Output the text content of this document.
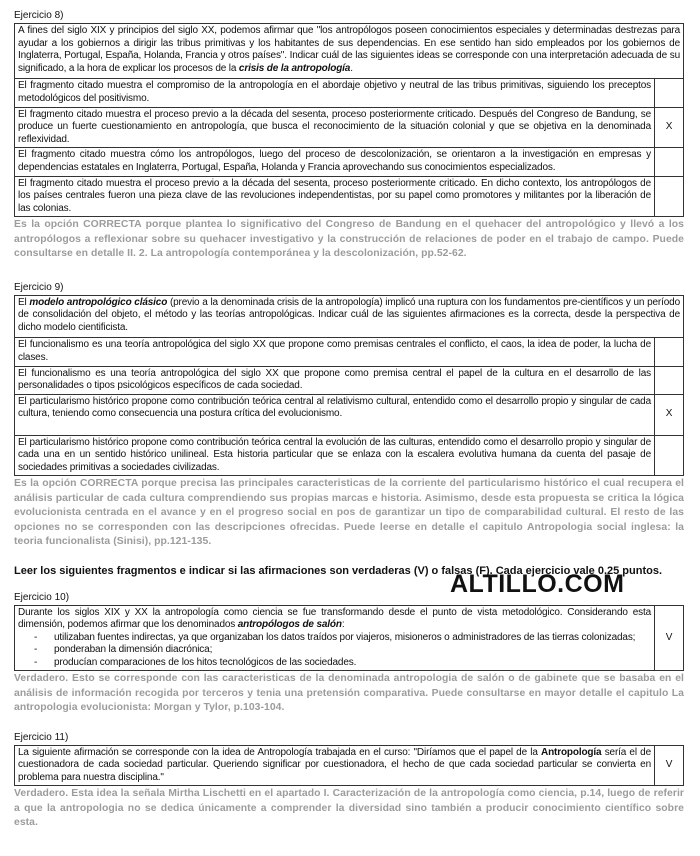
Ejercicio 8)
A fines del siglo XIX y principios del siglo XX, podemos afirmar que "los antropólogos poseen conocimientos especiales y determinadas destrezas para ayudar a los gobiernos a dirigir las tribus primitivas y los habitantes de sus dependencias. En ese sentido han sido empleados por los gobiernos de Inglaterra, Portugal, España, Holanda, Francia y otros países". Indicar cuál de las siguientes ideas se corresponde con una interpretación adecuada de su significado, a la hora de explicar los procesos de la crisis de la antropología.	
El fragmento citado muestra el compromiso de la antropología en el abordaje objetivo y neutral de las tribus primitivas, siguiendo los preceptos metodológicos del positivismo.	
El fragmento citado muestra el proceso previo a la década del sesenta, proceso posteriormente criticado. Después del Congreso de Bandung, se produce un fuerte cuestionamiento en antropología, que busca el reconocimiento de la situación colonial y que se objetiva en la denominada reflexividad.	X
El fragmento citado muestra cómo los antropólogos, luego del proceso de descolonización, se orientaron a la investigación en empresas y dependencias estatales en Inglaterra, Portugal, España, Holanda y Francia aprovechando sus conocimientos especializados.	
El fragmento citado muestra el proceso previo a la década del sesenta, proceso posteriormente criticado. En dicho contexto, los antropólogos de los países centrales fueron una pieza clave de las revoluciones independentistas, por su papel como promotores y militantes por la liberación de las colonias.	

Es la opción CORRECTA porque plantea lo significativo del Congreso de Bandung en el quehacer del antropológico y llevó a los antropólogos a reflexionar sobre su quehacer investigativo y la construcción de relaciones de poder en el trabajo de campo. Puede consultarse en detalle II. 2. La antropología contemporánea y la descolonización, pp.52-62.

Ejercicio 9)
El modelo antropológico clásico (previo a la denominada crisis de la antropología) implicó una ruptura con los fundamentos pre-científicos y un período de consolidación del objeto, el método y las teorías antropológicas. Indicar cuál de las siguientes afirmaciones es la correcta, desde la perspectiva de dicho modelo cientificista.	
El funcionalismo es una teoría antropológica del siglo XX que propone como premisas centrales el conflicto, el caos, la idea de poder, la lucha de clases.	
El funcionalismo es una teoría antropológica del siglo XX que propone como premisa central el papel de la cultura en el desarrollo de las personalidades o tipos psicológicos específicos de cada sociedad.	
El particularismo histórico propone como contribución teórica central al relativismo cultural, entendido como el desarrollo propio y singular de cada cultura, teniendo como consecuencia una postura crítica del evolucionismo.	X
El particularismo histórico propone como contribución teórica central la evolución de las culturas, entendido como el desarrollo propio y singular de cada una en un sentido histórico unilineal. Esta historia particular que se enlaza con la escalera evolutiva humana da cuenta del pasaje de sociedades primitivas a sociedades civilizadas.	

Es la opción CORRECTA porque precisa las principales caracteristicas de la corriente del particularismo histórico el cual recupera el análisis particular de cada cultura comprendiendo sus propias marcas e historia. Asimismo, desde esta propuesta se critica la lógica evolucionista centrada en el avance y en el progreso social en pos de garantizar un tipo de comparabilidad cultural. El resto de las opciones no se corresponden con las descripciones ofrecidas. Puede leerse en detalle el capitulo Antropologia social inglesa: la teoria funcionalista (Sinisi), pp.121-135.

Leer los siguientes fragmentos e indicar si las afirmaciones son verdaderas (V) o falsas (F). Cada ejercicio vale 0.25 puntos.

Ejercicio 10)
Durante los siglos XIX y XX la antropología como ciencia se fue transformando desde el punto de vista metodológico. Considerando esta dimensión, podemos afirmar que los denominados antropólogos de salón:
- utilizaban fuentes indirectas, ya que organizaban los datos traídos por viajeros, misioneros o administradores de las tierras colonizadas;
- ponderaban la dimensión diacrónica;
- producían comparaciones de los hitos tecnológicos de las sociedades.
	V

Verdadero. Esto se corresponde con las caracteristicas de la denominada antropologia de salón o de gabinete que se basaba en el análisis de información recogida por terceros y tenia una pretensión comparativa. Puede consultarse en mayor detalle el capitulo La antropologia evolucionista: Morgan y Tylor, p.103-104.

Ejercicio 11)
La siguiente afirmación se corresponde con la idea de Antropología trabajada en el curso: "Diríamos que el papel de la Antropología sería el de cuestionadora de cada sociedad particular. Queriendo significar por cuestionadora, el hecho de que cada sociedad particular se convierta en problema para nuestra disciplina."	V

Verdadero. Esta idea la señala Mirtha Lischetti en el apartado I. Caracterización de la antropología como ciencia, p.14, luego de referir a que la antropologia no se dedica únicamente a comprender la diversidad sino también a producir conocimiento científico sobre esta.

ALTILLO.COM
